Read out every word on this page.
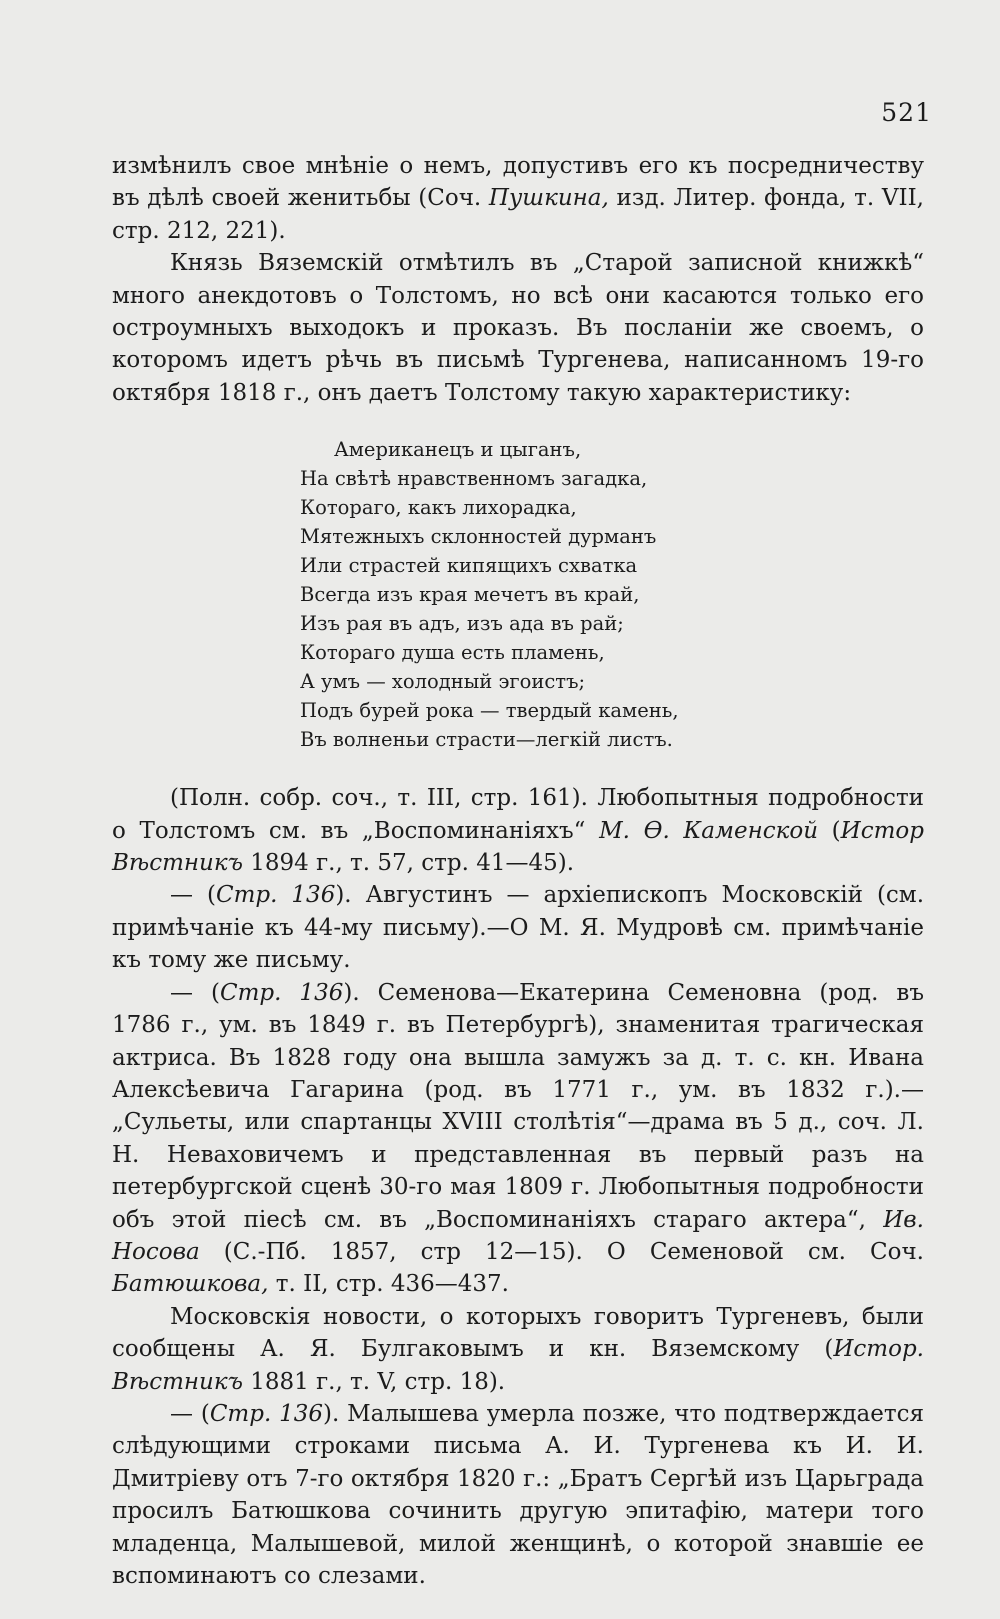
521

измѣнилъ свое мнѣніе о немъ, допустивъ его къ посредничеству въ дѣлѣ своей женитьбы (Соч. Пушкина, изд. Литер. фонда, т. VII, стр. 212, 221).

Князь Вяземскій отмѣтилъ въ „Старой записной книжкѣ“ много анекдотовъ о Толстомъ, но всѣ они касаются только его остроумныхъ выходокъ и проказъ. Въ посланіи же своемъ, о которомъ идетъ рѣчь въ письмѣ Тургенева, написанномъ 19-го октября 1818 г., онъ даетъ Толстому такую характеристику:

Американецъ и цыганъ,
На свѣтѣ нравственномъ загадка,
Котораго, какъ лихорадка,
Мятежныхъ склонностей дурманъ
Или страстей кипящихъ схватка
Всегда изъ края мечетъ въ край,
Изъ рая въ адъ, изъ ада въ рай;
Котораго душа есть пламень,
А умъ — холодный эгоистъ;
Подъ бурей рока — твердый камень,
Въ волненьи страсти—легкій листъ.

(Полн. собр. соч., т. III, стр. 161). Любопытныя подробности о Толстомъ см. въ „Воспоминаніяхъ“ М. Ѳ. Каменской (Истор Вѣстникъ 1894 г., т. 57, стр. 41—45).

— (Стр. 136). Августинъ — архіепископъ Московскій (см. примѣчаніе къ 44-му письму).—О М. Я. Мудровѣ см. примѣчаніе къ тому же письму.

— (Стр. 136). Семенова—Екатерина Семеновна (род. въ 1786 г., ум. въ 1849 г. въ Петербургѣ), знаменитая трагическая актриса. Въ 1828 году она вышла замужъ за д. т. с. кн. Ивана Алексѣевича Гагарина (род. въ 1771 г., ум. въ 1832 г.).—„Сульеты, или спартанцы XVIII столѣтія“—драма въ 5 д., соч. Л. Н. Неваховичемъ и представленная въ первый разъ на петербургской сценѣ 30-го мая 1809 г. Любопытныя подробности объ этой піесѣ см. въ „Воспоминаніяхъ стараго актера“, Ив. Носова (С.-Пб. 1857, стр 12—15). О Семеновой см. Соч. Батюшкова, т. II, стр. 436—437.

Московскія новости, о которыхъ говоритъ Тургеневъ, были сообщены А. Я. Булгаковымъ и кн. Вяземскому (Истор. Вѣстникъ 1881 г., т. V, стр. 18).

— (Стр. 136). Малышева умерла позже, что подтверждается слѣдующими строками письма А. И. Тургенева къ И. И. Дмитріеву отъ 7-го октября 1820 г.: „Братъ Сергѣй изъ Царьграда просилъ Батюшкова сочинить другую эпитафію, матери того младенца, Малышевой, милой женщинѣ, о которой знавшіе ее вспоминаютъ со слезами.
